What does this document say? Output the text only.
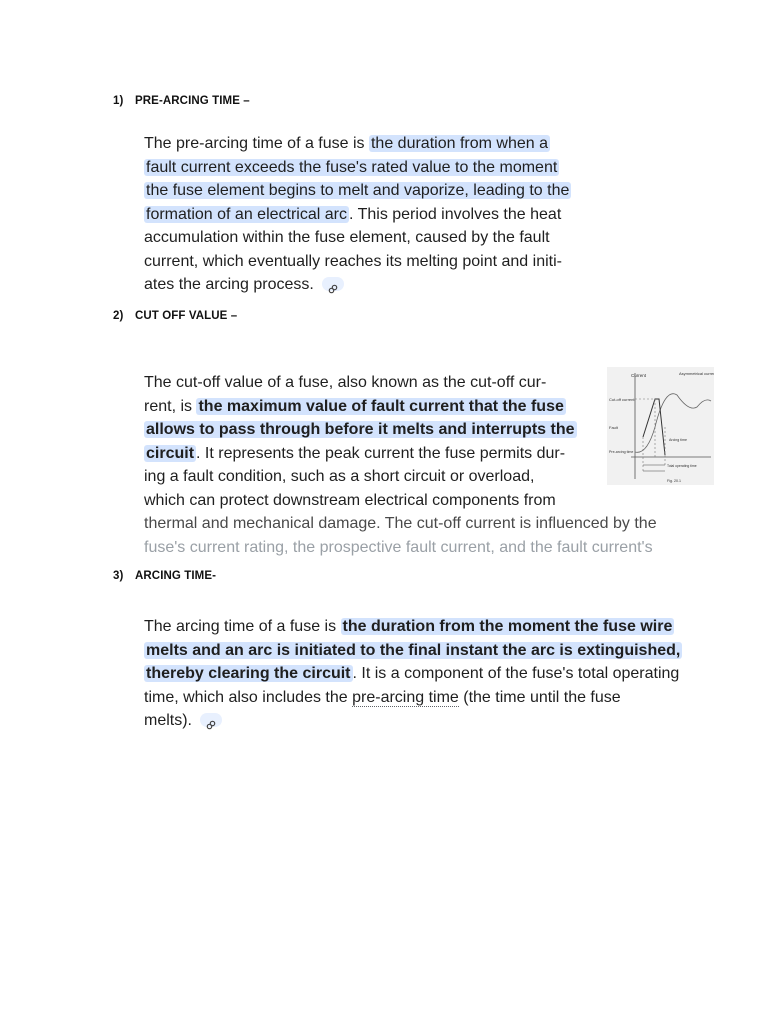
1) PRE-ARCING TIME –
The pre-arcing time of a fuse is the duration from when a
fault current exceeds the fuse's rated value to the moment
the fuse element begins to melt and vaporize, leading to the
formation of an electrical arc . This period involves the heat
accumulation within the fuse element, caused by the fault
current, which eventually reaches its melting point and initi-
ates the arcing process.
2) CUT OFF VALUE –
The cut-off value of a fuse, also known as the cut-off cur-
rent, is the maximum value of fault current that the fuse
allows to pass through before it melts and interrupts the
circuit . It represents the peak current the fuse permits dur-
ing a fault condition, such as a short circuit or overload,
which can protect downstream electrical components from
thermal and mechanical damage. The cut-off current is influenced by the
fuse's current rating, the prospective fault current, and the fault current's
Current	Asymmetrical current
Cut-off current
Fault
Pre-arcing time
Arcing time
Total operating time
Fig. 20.1
3) ARCING TIME-
The arcing time of a fuse is the duration from the moment the fuse wire
melts and an arc is initiated to the final instant the arc is extinguished,
thereby clearing the circuit . It is a component of the fuse's total operating
time, which also includes the pre-arcing time (the time until the fuse
melts).
